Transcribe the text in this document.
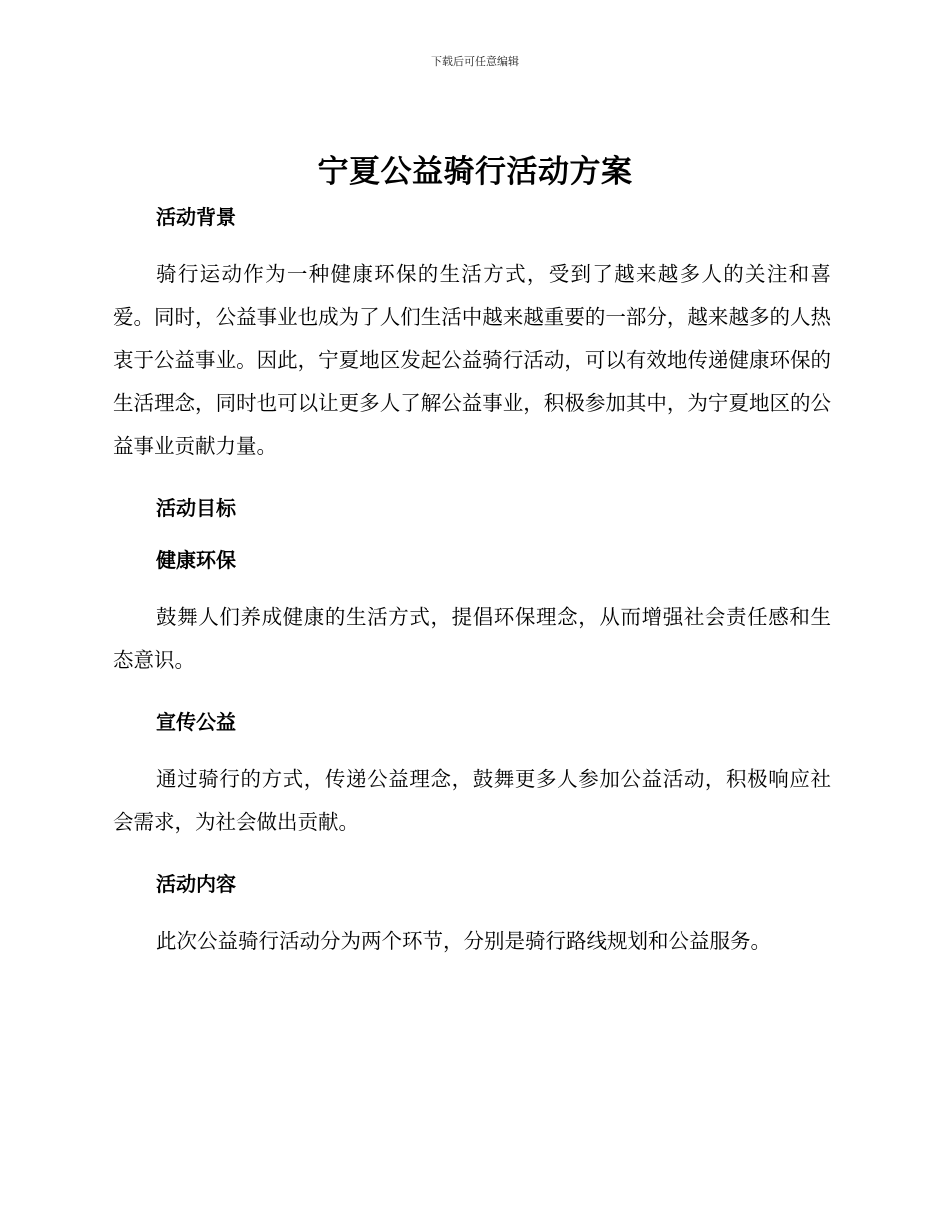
下载后可任意编辑
宁夏公益骑行活动方案
活动背景

骑行运动作为一种健康环保的生活方式，受到了越来越多人的关注和喜爱。同时，公益事业也成为了人们生活中越来越重要的一部分，越来越多的人热衷于公益事业。因此，宁夏地区发起公益骑行活动，可以有效地传递健康环保的生活理念，同时也可以让更多人了解公益事业，积极参加其中，为宁夏地区的公益事业贡献力量。

活动目标
健康环保

鼓舞人们养成健康的生活方式，提倡环保理念，从而增强社会责任感和生态意识。

宣传公益

通过骑行的方式，传递公益理念，鼓舞更多人参加公益活动，积极响应社会需求，为社会做出贡献。

活动内容

此次公益骑行活动分为两个环节，分别是骑行路线规划和公益服务。
